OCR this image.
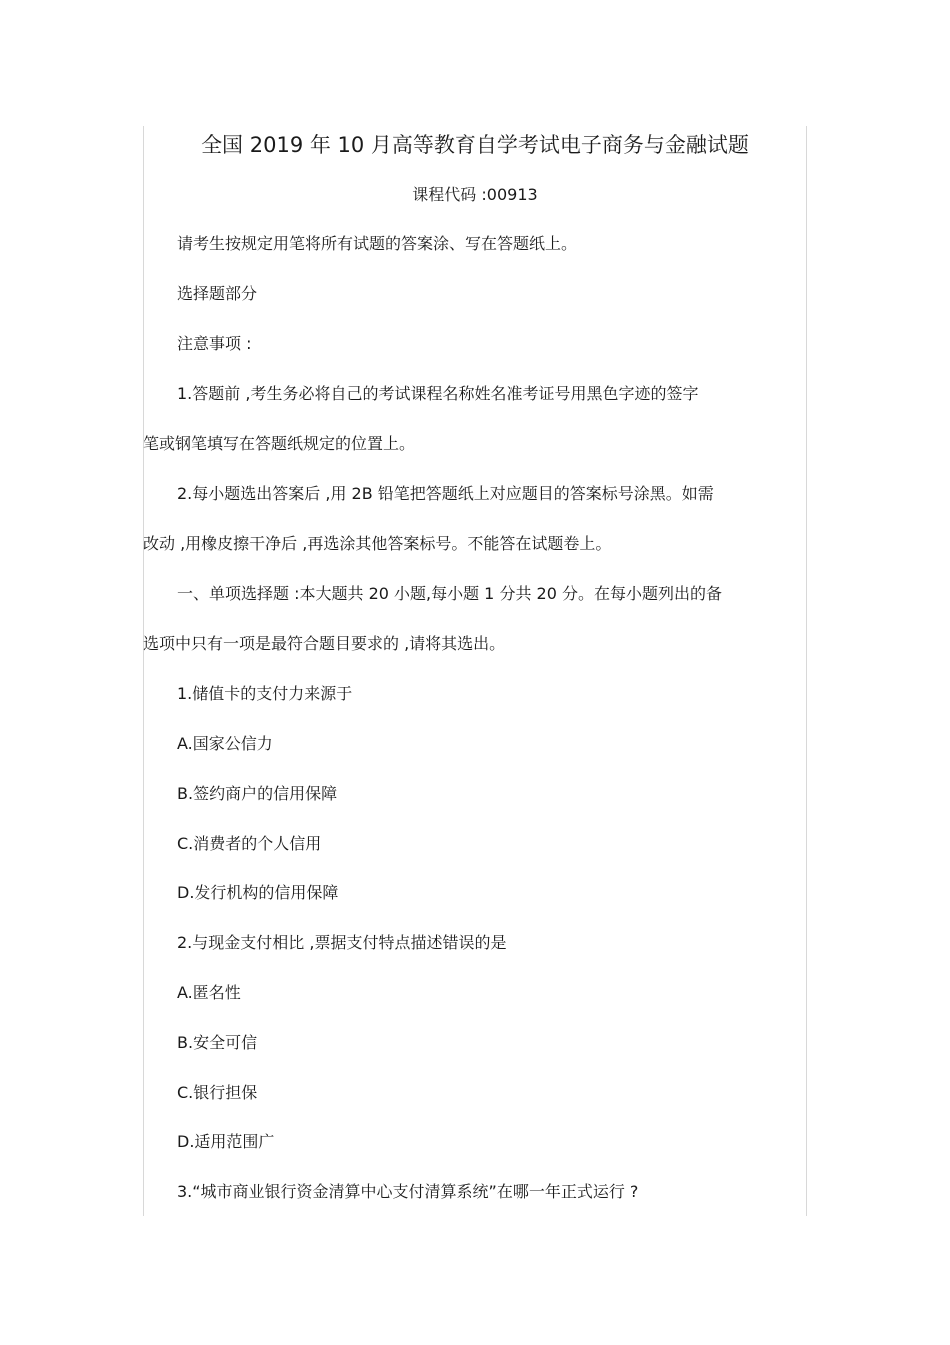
全国 2019 年 10 月高等教育自学考试电子商务与金融试题
课程代码 :00913
请考生按规定用笔将所有试题的答案涂、写在答题纸上。
选择题部分
注意事项 :
1.答题前 ,考生务必将自己的考试课程名称姓名准考证号用黑色字迹的签字
笔或钢笔填写在答题纸规定的位置上。
2.每小题选出答案后 ,用 2B 铅笔把答题纸上对应题目的答案标号涂黑。如需
改动 ,用橡皮擦干净后 ,再选涂其他答案标号。不能答在试题卷上。
一、单项选择题 :本大题共 20 小题,每小题 1 分共 20 分。在每小题列出的备
选项中只有一项是最符合题目要求的 ,请将其选出。
1.储值卡的支付力来源于
A.国家公信力
B.签约商户的信用保障
C.消费者的个人信用
D.发行机构的信用保障
2.与现金支付相比 ,票据支付特点描述错误的是
A.匿名性
B.安全可信
C.银行担保
D.适用范围广
3.“城市商业银行资金清算中心支付清算系统”在哪一年正式运行 ?
